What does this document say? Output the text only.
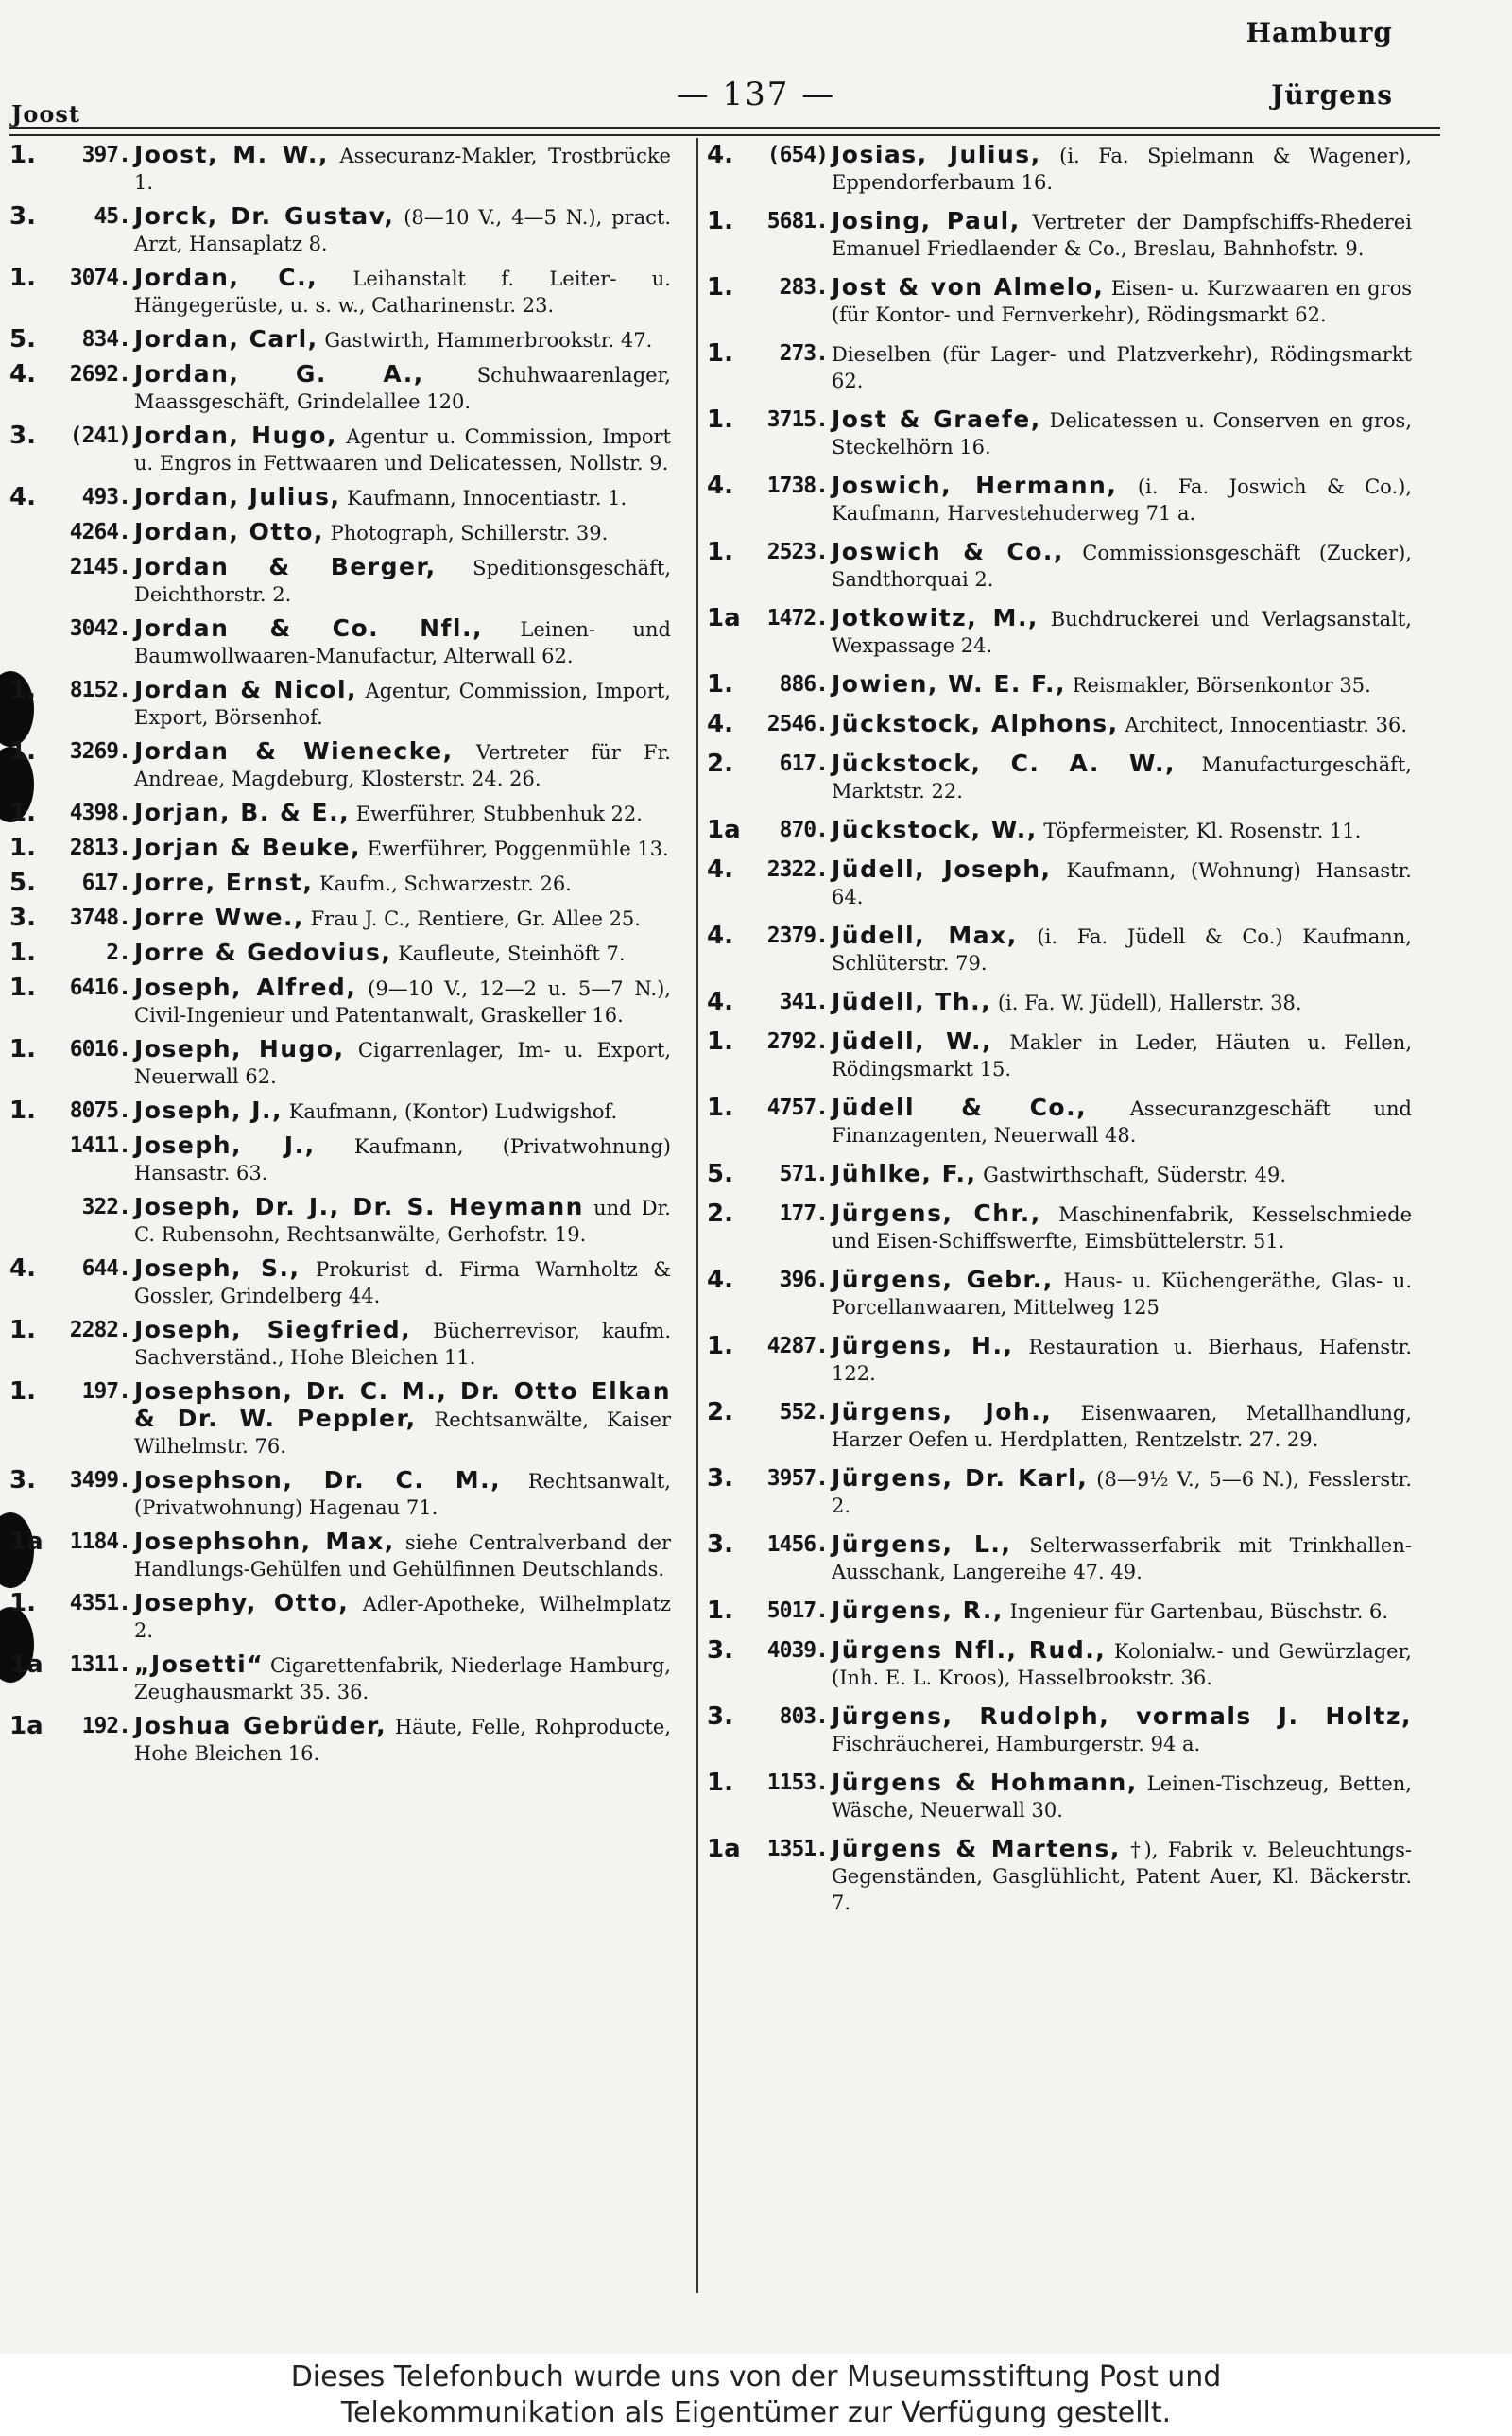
Hamburg
Joost
— 137 —	Jürgens
1.	397. Joost, M. W., Assecuranz-Makler, Trostbrücke 1.
3.	45. Jorck, Dr. Gustav, (8—10 V., 4—5 N.), pract. Arzt, Hansaplatz 8.
1.	3074. Jordan, C., Leihanstalt f. Leiter- u. Hängegerüste, u. s. w., Catharinenstr. 23.
5.	834. Jordan, Carl, Gastwirth, Hammerbrookstr. 47.
4.	2692. Jordan, G. A.,	Schuhwaarenlager, Maassgeschäft, Grindelallee 120.
3.	(241) Jordan, Hugo, Agentur u. Commission, Import u. Engros in Fettwaaren und Delicatessen, Nollstr. 9.
4.	493. Jordan, Julius, Kaufmann, Innocentiastr. 1.
4264. Jordan, Otto, Photograph, Schillerstr. 39.
2145. Jordan & Berger, Speditionsgeschäft, Deichthorstr. 2.
3042. Jordan & Co. Nfl., Leinen- und Baumwollwaaren-Manufactur, Alterwall 62.
1.	8152. Jordan & Nicol, Agentur, Commission, Import, Export, Börsenhof.
1.	3269. Jordan & Wienecke, Vertreter für Fr. Andreae, Magdeburg, Klosterstr. 24. 26.
1.	4398. Jorjan, B. & E., Ewerführer, Stubbenhuk 22.
1.	2813. Jorjan & Beuke, Ewerführer, Poggenmühle 13.
5.	617. Jorre, Ernst, Kaufm., Schwarzestr. 26.
3.	3748. Jorre Wwe., Frau J. C., Rentiere, Gr. Allee 25.
1.	2. Jorre & Gedovius, Kaufleute, Steinhöft 7.
1.	6416. Joseph, Alfred, (9—10 V., 12—2 u. 5—7 N.), Civil-Ingenieur und Patentanwalt, Graskeller 16.
1.	6016. Joseph, Hugo, Cigarrenlager, Im- u. Export, Neuerwall 62.
1.	8075. Joseph, J., Kaufmann, (Kontor) Ludwigshof.
1411. Joseph, J., Kaufmann, (Privatwohnung) Hansastr. 63.
322. Joseph, Dr. J., Dr. S. Heymann und Dr. C. Rubensohn, Rechtsanwälte, Gerhofstr. 19.
4.	644. Joseph, S., Prokurist d. Firma Warnholtz & Gossler, Grindelberg 44.
1.	2282. Joseph, Siegfried, Bücherrevisor, kaufm. Sachverständ., Hohe Bleichen 11.
1.	197. Josephson, Dr. C. M., Dr. Otto Elkan & Dr. W. Peppler, Rechtsanwälte, Kaiser Wilhelmstr. 76.
3.	3499. Josephson, Dr. C. M., Rechtsanwalt, (Privatwohnung) Hagenau 71.
1a	1184. Josephsohn, Max, siehe Centralverband der Handlungs-Gehülfen und Gehülfinnen Deutschlands.
1.	4351. Josephy, Otto, Adler-Apotheke, Wilhelmplatz 2.
1a	1311. „Josetti“ Cigarettenfabrik, Niederlage Hamburg, Zeughausmarkt 35. 36.
1a	192. Joshua Gebrüder, Häute, Felle, Rohproducte, Hohe Bleichen 16.
4.	(654) Josias, Julius, (i. Fa. Spielmann & Wagener), Eppendorferbaum 16.
1.	5681. Josing, Paul, Vertreter der Dampfschiffs-Rhederei Emanuel Friedlaender & Co., Breslau, Bahnhofstr. 9.
1.	283. Jost & von Almelo, Eisen- u. Kurzwaaren en gros (für Kontor- und Fernverkehr), Rödingsmarkt 62.
1.	273. Dieselben (für Lager- und Platzverkehr), Rödingsmarkt 62.
1.	3715. Jost & Graefe, Delicatessen u. Conserven en gros, Steckelhörn 16.
4.	1738. Joswich, Hermann, (i. Fa. Joswich & Co.), Kaufmann, Harvestehuderweg 71 a.
1.	2523. Joswich & Co., Commissionsgeschäft (Zucker), Sandthorquai 2.
1a	1472. Jotkowitz, M., Buchdruckerei und Verlagsanstalt, Wexpassage 24.
1.	886. Jowien, W. E. F., Reismakler, Börsenkontor 35.
4.	2546. Jückstock, Alphons, Architect, Innocentiastr. 36.
2.	617. Jückstock, C. A. W., Manufacturgeschäft, Marktstr. 22.
1a	870. Jückstock, W., Töpfermeister, Kl. Rosenstr. 11.
4.	2322. Jüdell, Joseph, Kaufmann, (Wohnung) Hansastr. 64.
4.	2379. Jüdell, Max, (i. Fa. Jüdell & Co.) Kaufmann, Schlüterstr. 79.
4.	341. Jüdell, Th., (i. Fa. W. Jüdell), Hallerstr. 38.
1.	2792. Jüdell, W., Makler in Leder, Häuten u. Fellen, Rödingsmarkt 15.
1.	4757. Jüdell & Co., Assecuranzgeschäft und Finanzagenten, Neuerwall 48.
5.	571. Jühlke, F., Gastwirthschaft, Süderstr. 49.
2.	177. Jürgens, Chr., Maschinenfabrik, Kesselschmiede und Eisen-Schiffswerfte, Eimsbüttelerstr. 51.
4.	396. Jürgens, Gebr., Haus- u. Küchengeräthe, Glas- u. Porcellanwaaren, Mittelweg 125
1.	4287. Jürgens, H., Restauration u. Bierhaus, Hafenstr. 122.
2.	552. Jürgens, Joh., Eisenwaaren, Metallhandlung, Harzer Oefen u. Herdplatten, Rentzelstr. 27. 29.
3.	3957. Jürgens, Dr. Karl, (8—9½ V., 5—6 N.), Fesslerstr. 2.
3.	1456. Jürgens, L., Selterwasserfabrik mit Trinkhallen-Ausschank, Langereihe 47. 49.
1.	5017. Jürgens, R., Ingenieur für Gartenbau, Büschstr. 6.
3.	4039. Jürgens Nfl., Rud., Kolonialw.- und Gewürzlager, (Inh. E. L. Kroos), Hasselbrookstr. 36.
3.	803. Jürgens, Rudolph, vormals J. Holtz, Fischräucherei, Hamburgerstr. 94 a.
1.	1153. Jürgens & Hohmann, Leinen-Tischzeug, Betten, Wäsche, Neuerwall 30.
1a	1351. Jürgens & Martens, †), Fabrik v. Beleuchtungs-Gegenständen, Gasglühlicht, Patent Auer, Kl. Bäckerstr. 7.
Dieses Telefonbuch wurde uns von der Museumsstiftung Post und
Telekommunikation als Eigentümer zur Verfügung gestellt.
